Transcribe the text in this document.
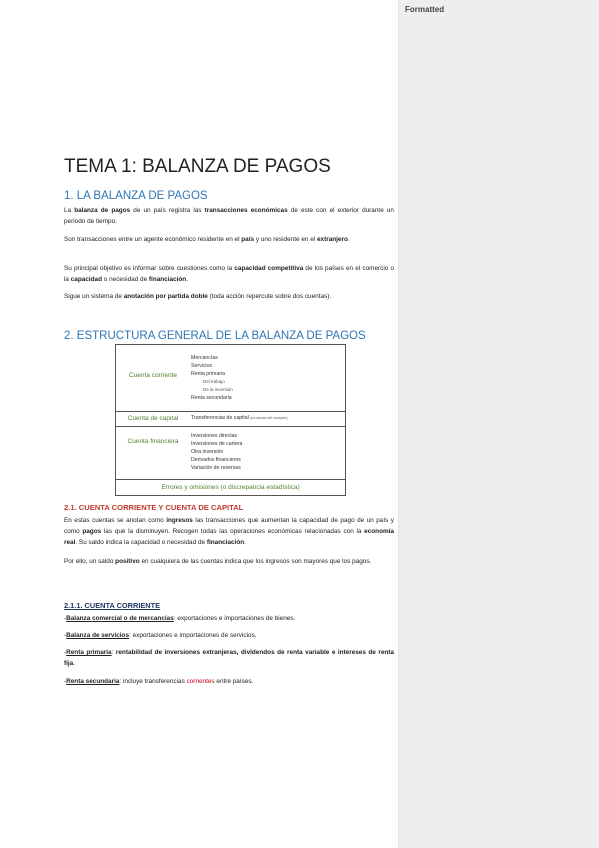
TEMA 1: BALANZA DE PAGOS
1. LA BALANZA DE PAGOS

La balanza de pagos de un país registra las transacciones económicas de este con el exterior durante un periodo de tiempo.

Son transacciones entre un agente económico residente en el país y uno residente en el extranjero.

Su principal objetivo es informar sobre cuestiones como la capacidad competitiva de los países en el comercio o la capacidad o necesidad de financiación.

Sigue un sistema de anotación por partida doble (toda acción repercute sobre dos cuentas).

2. ESTRUCTURA GENERAL DE LA BALANZA DE PAGOS
Cuenta corriente
Mercancías
Servicios
Renta primaria
Del trabajo
De la inversión
Renta secundaria
Cuenta de capital	Transferencias de capital (no deuda del receptor)
Cuenta financiera
Inversiones directas
Inversiones de cartera
Otra inversión
Derivados financieros
Variación de reservas
Errores y omisiones (o discrepancia estadística)
2.1. CUENTA CORRIENTE Y CUENTA DE CAPITAL

En estas cuentas se anotan como ingresos las transacciones que aumentan la capacidad de pago de un país y como pagos las que la disminuyen. Recogen todas las operaciones económicas relacionadas con la economía real. Su saldo indica la capacidad o necesidad de financiación.

Por ello, un saldo positivo en cualquiera de las cuentas indica que los ingresos son mayores que los pagos.

2.1.1. CUENTA CORRIENTE

-Balanza comercial o de mercancías: exportaciones e importaciones de bienes.

-Balanza de servicios: exportaciones e importaciones de servicios.

-Renta primaria: rentabilidad de inversiones extranjeras, dividendos de renta variable e intereses de renta fija.

-Renta secundaria: incluye transferencias corrientes entre países.

Formatted
